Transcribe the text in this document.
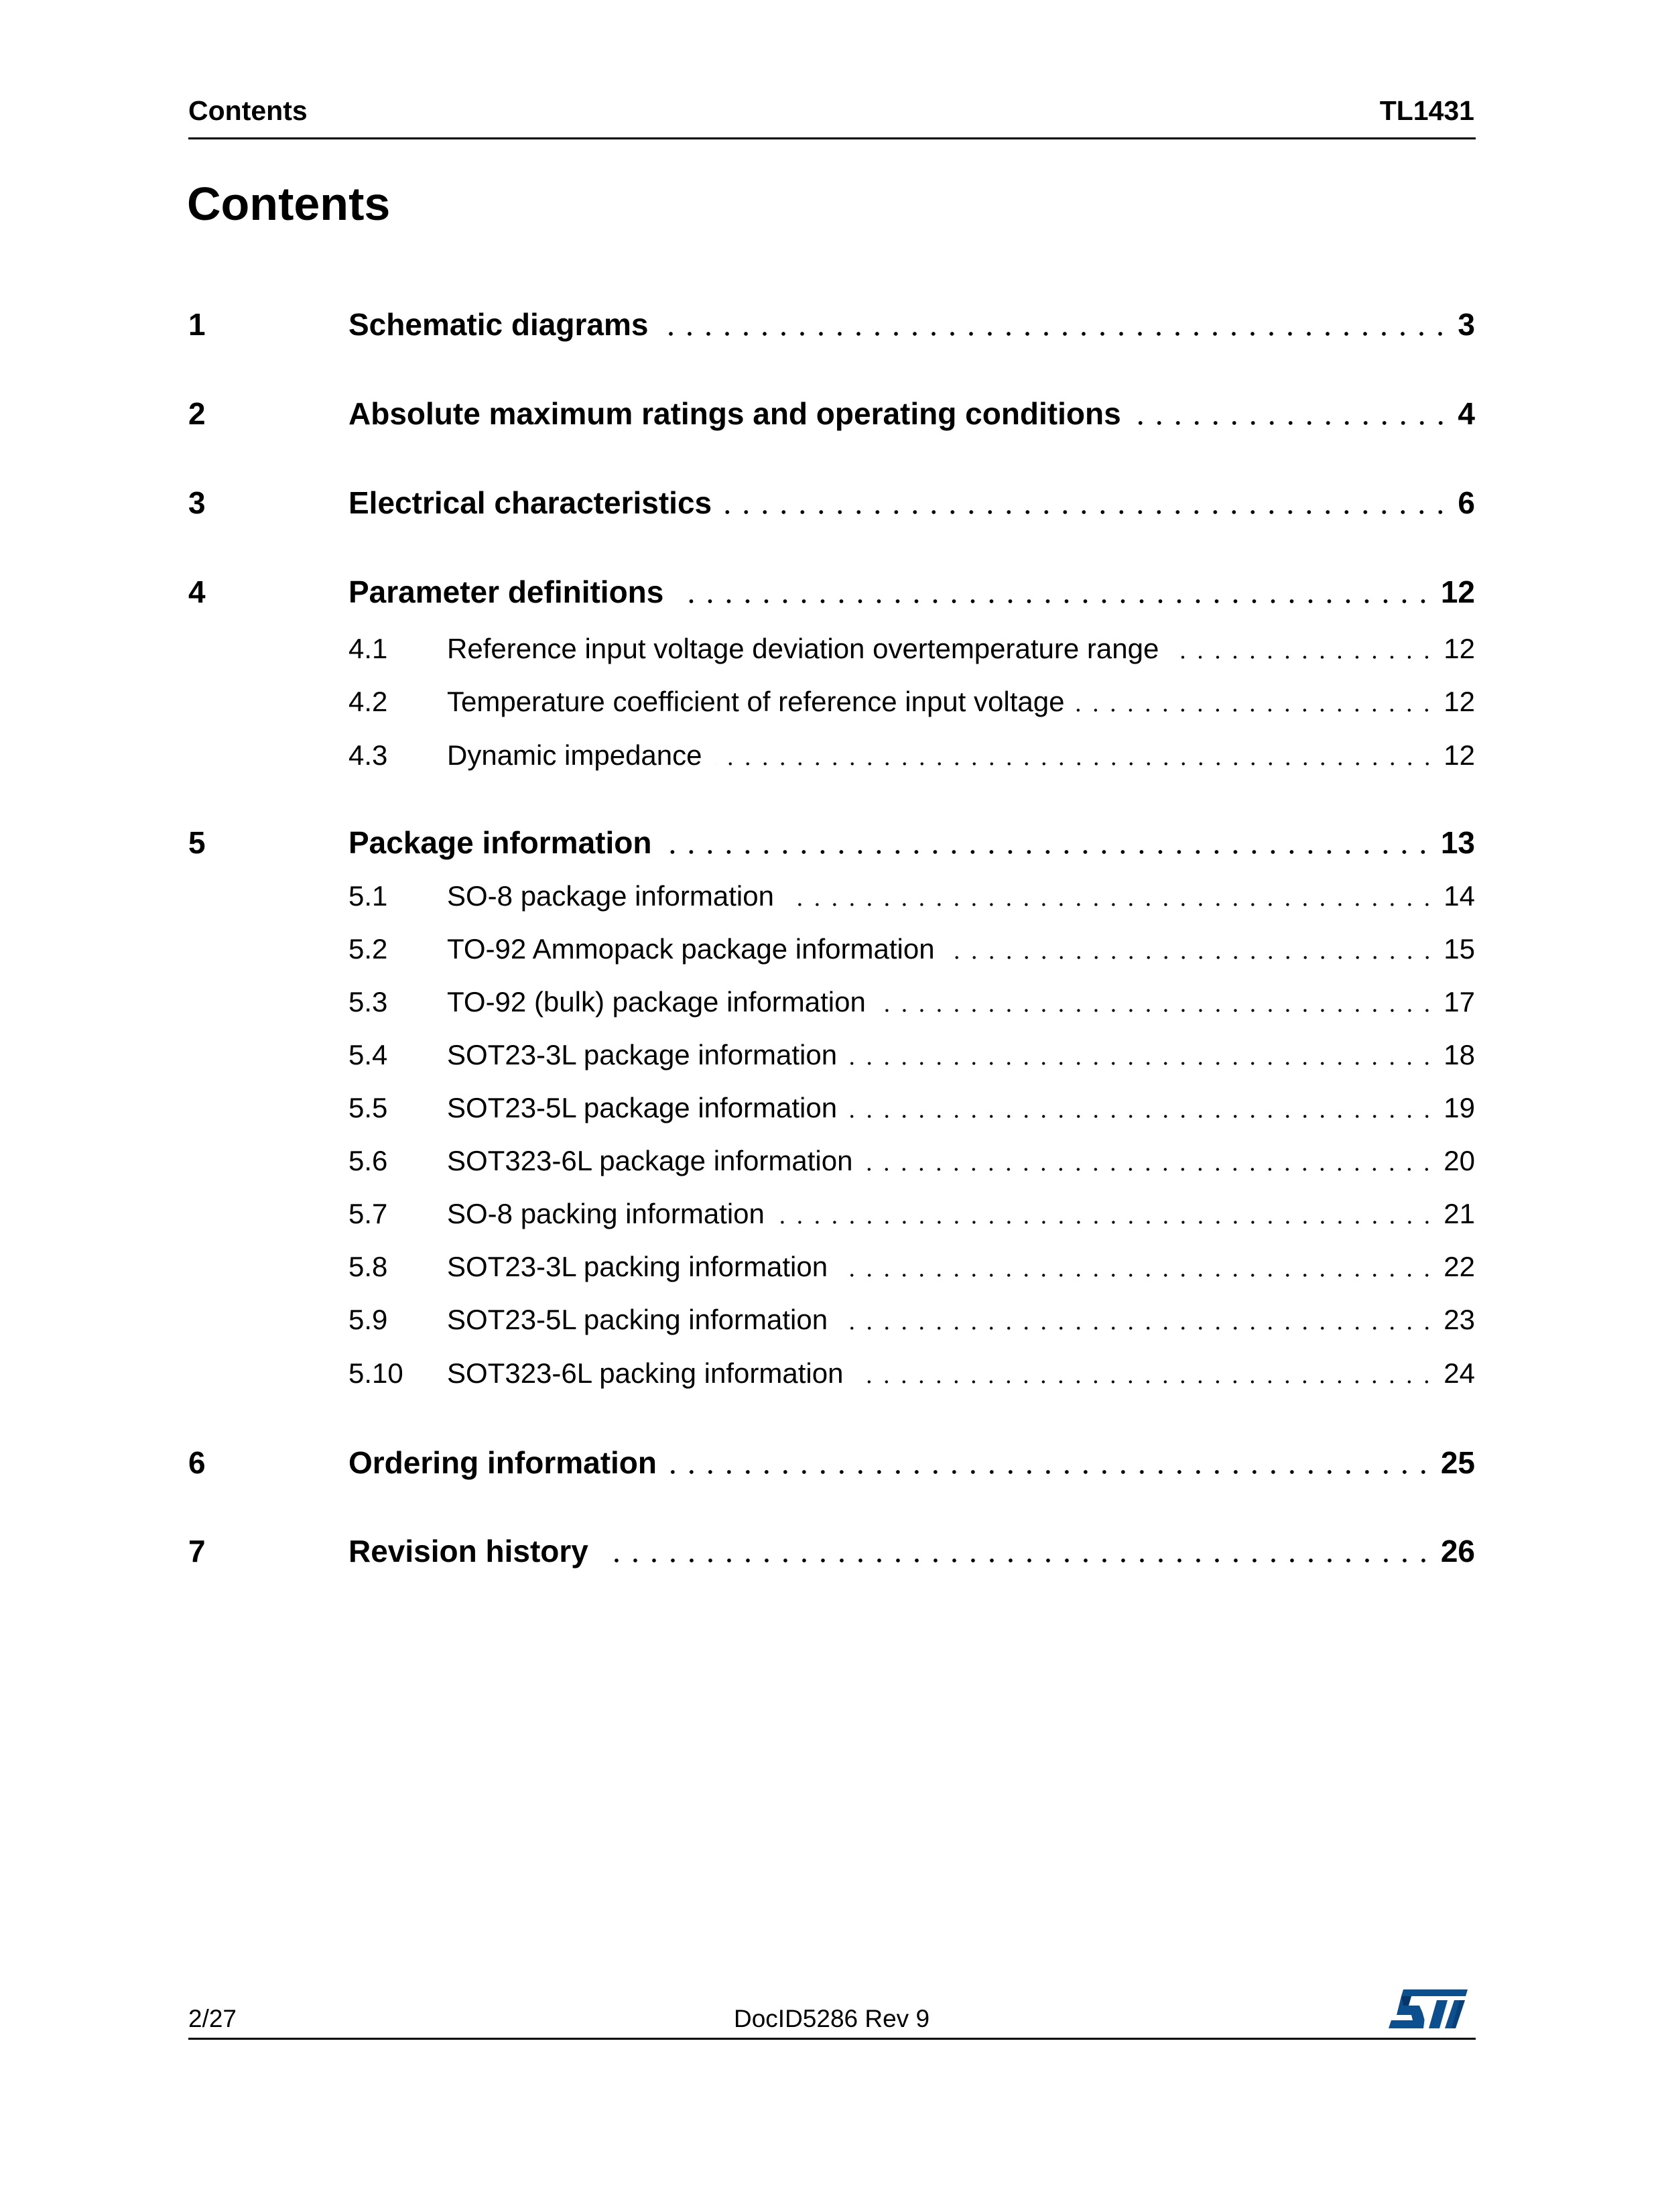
Contents	TL1431
Contents
1	Schematic diagrams	3
2	Absolute maximum ratings and operating conditions	4
3	Electrical characteristics	6
4	Parameter definitions	12
4.1	Reference input voltage deviation overtemperature range	12
4.2	Temperature coefficient of reference input voltage	12
4.3	Dynamic impedance	12
5	Package information	13
5.1	SO-8 package information	14
5.2	TO-92 Ammopack package information	15
5.3	TO-92 (bulk) package information	17
5.4	SOT23-3L package information	18
5.5	SOT23-5L package information	19
5.6	SOT323-6L package information	20
5.7	SO-8 packing information	21
5.8	SOT23-3L packing information	22
5.9	SOT23-5L packing information	23
5.10	SOT323-6L packing information	24
6	Ordering information	25
7	Revision history	26
2/27	DocID5286 Rev 9
